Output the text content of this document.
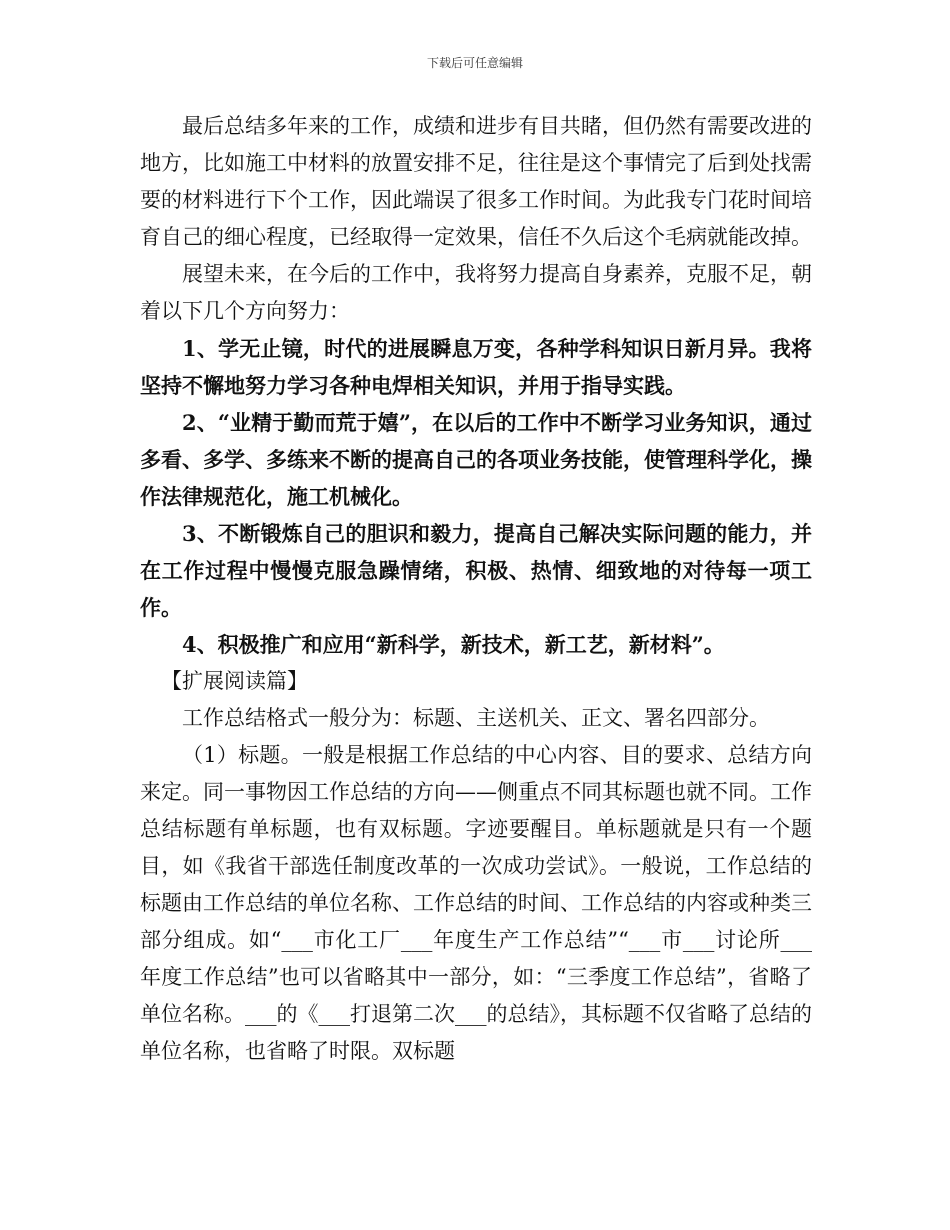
下载后可任意编辑

最后总结多年来的工作，成绩和进步有目共睹，但仍然有需要改进的地方，比如施工中材料的放置安排不足，往往是这个事情完了后到处找需要的材料进行下个工作，因此端误了很多工作时间。为此我专门花时间培育自己的细心程度，已经取得一定效果，信任不久后这个毛病就能改掉。

展望未来，在今后的工作中，我将努力提高自身素养，克服不足，朝着以下几个方向努力：

1、学无止镜，时代的进展瞬息万变，各种学科知识日新月异。我将坚持不懈地努力学习各种电焊相关知识，并用于指导实践。

2、“业精于勤而荒于嬉”，在以后的工作中不断学习业务知识，通过多看、多学、多练来不断的提高自己的各项业务技能，使管理科学化，操作法律规范化，施工机械化。

3、不断锻炼自己的胆识和毅力，提高自己解决实际问题的能力，并在工作过程中慢慢克服急躁情绪，积极、热情、细致地的对待每一项工作。

4、积极推广和应用“新科学，新技术，新工艺，新材料”。

【扩展阅读篇】

工作总结格式一般分为：标题、主送机关、正文、署名四部分。

（1）标题。一般是根据工作总结的中心内容、目的要求、总结方向来定。同一事物因工作总结的方向——侧重点不同其标题也就不同。工作总结标题有单标题，也有双标题。字迹要醒目。单标题就是只有一个题目，如《我省干部选任制度改革的一次成功尝试》。一般说，工作总结的标题由工作总结的单位名称、工作总结的时间、工作总结的内容或种类三部分组成。如“___市化工厂___年度生产工作总结”“___市___讨论所___年度工作总结”也可以省略其中一部分，如：“三季度工作总结”，省略了单位名称。___的《___打退第二次___的总结》，其标题不仅省略了总结的单位名称，也省略了时限。双标题
